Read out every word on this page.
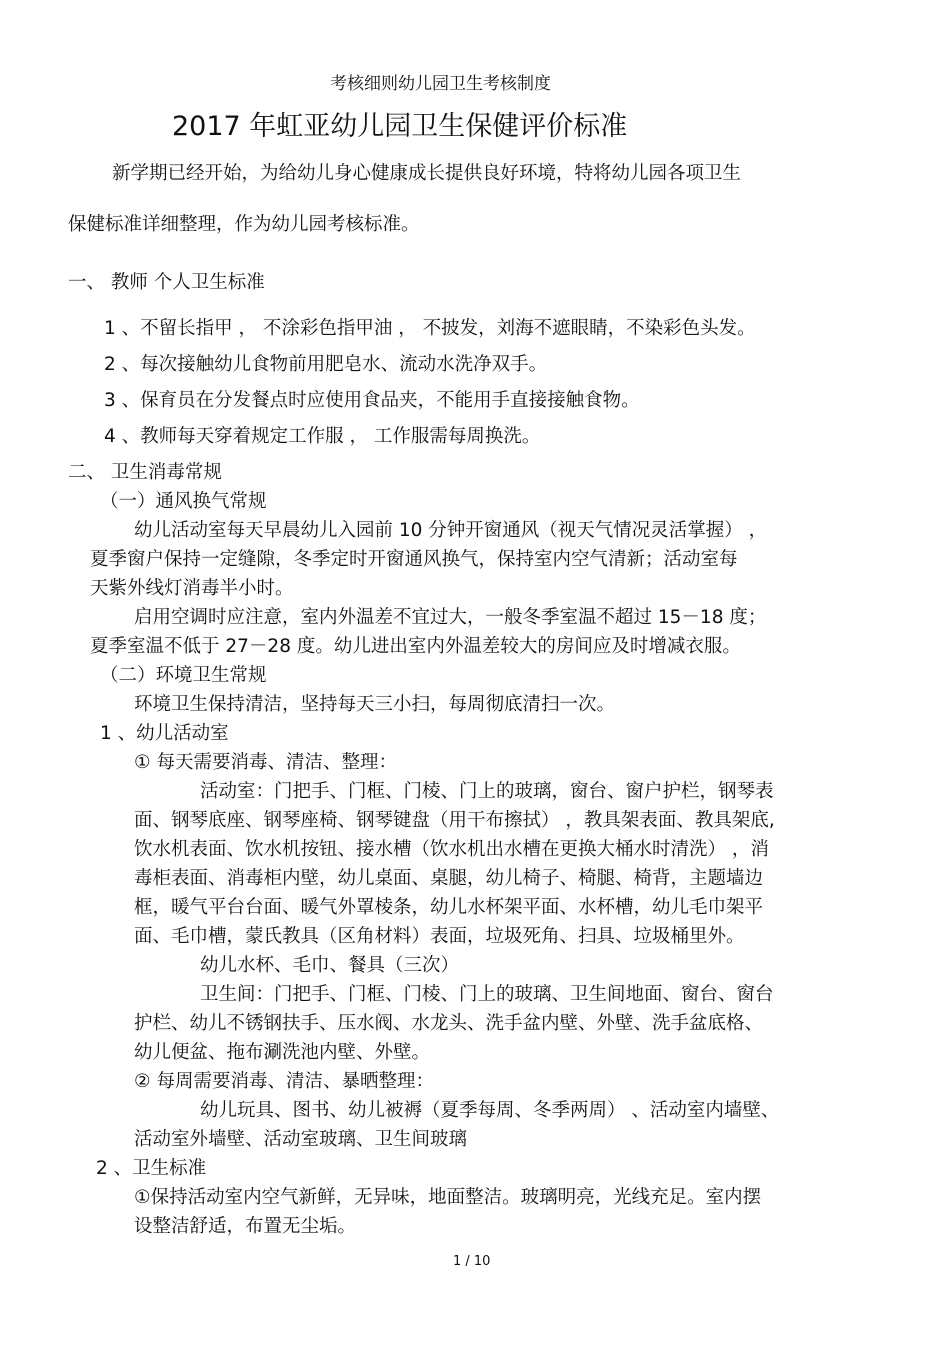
考核细则幼儿园卫生考核制度
2017 年虹亚幼儿园卫生保健评价标准
新学期已经开始，为给幼儿身心健康成长提供良好环境，特将幼儿园各项卫生
保健标准详细整理，作为幼儿园考核标准。
一、 教师 个人卫生标准
1 、不留长指甲 ， 不涂彩色指甲油 ， 不披发，刘海不遮眼睛，不染彩色头发。
2 、每次接触幼儿食物前用肥皂水、流动水洗净双手。
3 、保育员在分发餐点时应使用食品夹，不能用手直接接触食物。
4 、教师每天穿着规定工作服 ， 工作服需每周换洗。
二、 卫生消毒常规
（一）通风换气常规
幼儿活动室每天早晨幼儿入园前 10 分钟开窗通风（视天气情况灵活掌握） ，
夏季窗户保持一定缝隙，冬季定时开窗通风换气，保持室内空气清新；活动室每
天紫外线灯消毒半小时。
启用空调时应注意，室内外温差不宜过大，一般冬季室温不超过 15－18 度；
夏季室温不低于 27－28 度。幼儿进出室内外温差较大的房间应及时增减衣服。
（二）环境卫生常规
环境卫生保持清洁，坚持每天三小扫，每周彻底清扫一次。
1 、幼儿活动室
① 每天需要消毒、清洁、整理：
活动室：门把手、门框、门棱、门上的玻璃，窗台、窗户护栏，钢琴表
面、钢琴底座、钢琴座椅、钢琴键盘（用干布擦拭） ，教具架表面、教具架底,
饮水机表面、饮水机按钮、接水槽（饮水机出水槽在更换大桶水时清洗） ，消
毒柜表面、消毒柜内壁，幼儿桌面、桌腿，幼儿椅子、椅腿、椅背，主题墙边
框，暖气平台台面、暖气外罩棱条，幼儿水杯架平面、水杯槽，幼儿毛巾架平
面、毛巾槽，蒙氏教具（区角材料）表面，垃圾死角、扫具、垃圾桶里外。
幼儿水杯、毛巾、餐具（三次）
卫生间：门把手、门框、门棱、门上的玻璃、卫生间地面、窗台、窗台
护栏、幼儿不锈钢扶手、压水阀、水龙头、洗手盆内壁、外壁、洗手盆底格、
幼儿便盆、拖布涮洗池内壁、外壁。
② 每周需要消毒、清洁、暴晒整理：
幼儿玩具、图书、幼儿被褥（夏季每周、冬季两周） 、活动室内墙壁、
活动室外墙壁、活动室玻璃、卫生间玻璃
2 、卫生标准
①保持活动室内空气新鲜，无异味，地面整洁。玻璃明亮，光线充足。室内摆
设整洁舒适，布置无尘垢。
1 / 10
